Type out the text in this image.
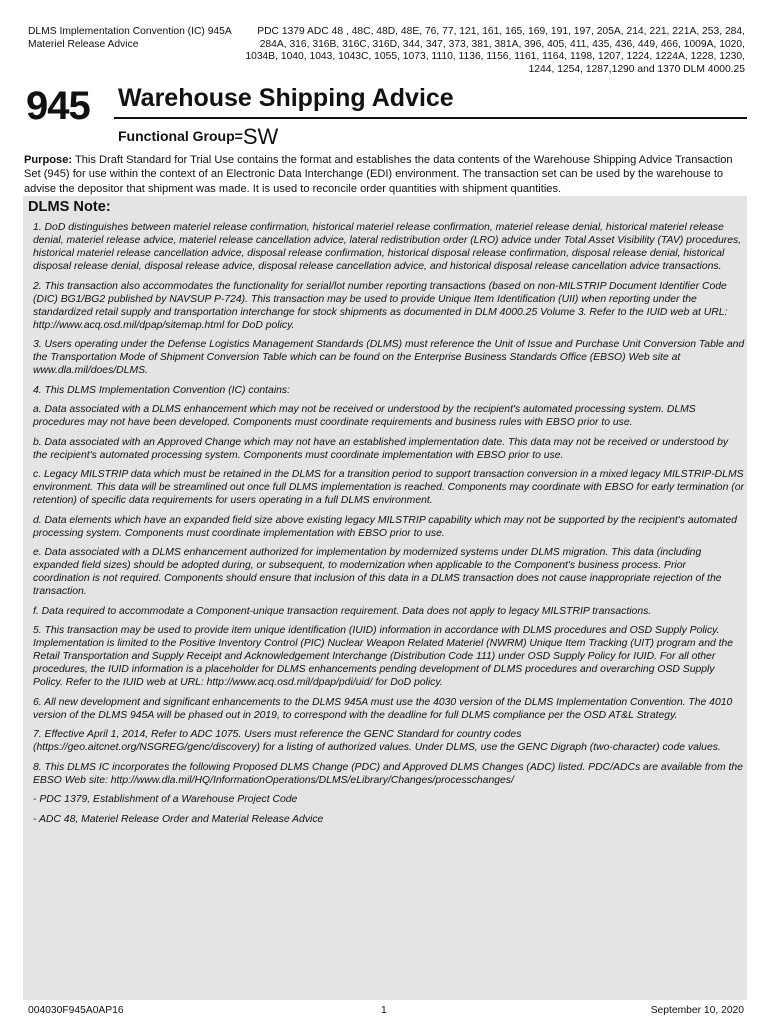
DLMS Implementation Convention (IC) 945A
Materiel Release Advice
PDC 1379 ADC 48 , 48C, 48D, 48E, 76, 77, 121, 161, 165, 169, 191, 197, 205A, 214, 221, 221A, 253, 284, 284A, 316, 316B, 316C, 316D, 344, 347, 373, 381, 381A, 396, 405, 411, 435, 436, 449, 466, 1009A, 1020, 1034B, 1040, 1043, 1043C, 1055, 1073, 1110, 1136, 1156, 1161, 1164, 1198, 1207, 1224, 1224A, 1228, 1230, 1244, 1254, 1287,1290 and 1370 DLM 4000.25
945 Warehouse Shipping Advice
Functional Group=SW
Purpose: This Draft Standard for Trial Use contains the format and establishes the data contents of the Warehouse Shipping Advice Transaction Set (945) for use within the context of an Electronic Data Interchange (EDI) environment. The transaction set can be used by the warehouse to advise the depositor that shipment was made. It is used to reconcile order quantities with shipment quantities.
DLMS Note:

1. DoD distinguishes between materiel release confirmation, historical materiel release confirmation, materiel release denial, historical materiel release denial, materiel release advice, materiel release cancellation advice, lateral redistribution order (LRO) advice under Total Asset Visibility (TAV) procedures, historical materiel release cancellation advice, disposal release confirmation, historical disposal release confirmation, disposal release denial, historical disposal release denial, disposal release advice, disposal release cancellation advice, and historical disposal release cancellation advice transactions.

2. This transaction also accommodates the functionality for serial/lot number reporting transactions (based on non-MILSTRIP Document Identifier Code (DIC) BG1/BG2 published by NAVSUP P-724). This transaction may be used to provide Unique Item Identification (UII) when reporting under the standardized retail supply and transportation interchange for stock shipments as documented in DLM 4000.25 Volume 3. Refer to the IUID web at URL: http://www.acq.osd.mil/dpap/sitemap.html for DoD policy.

3. Users operating under the Defense Logistics Management Standards (DLMS) must reference the Unit of Issue and Purchase Unit Conversion Table and the Transportation Mode of Shipment Conversion Table which can be found on the Enterprise Business Standards Office (EBSO) Web site at www.dla.mil/does/DLMS.

4. This DLMS Implementation Convention (IC) contains:

a. Data associated with a DLMS enhancement which may not be received or understood by the recipient's automated processing system. DLMS procedures may not have been developed. Components must coordinate requirements and business rules with EBSO prior to use.

b. Data associated with an Approved Change which may not have an established implementation date. This data may not be received or understood by the recipient's automated processing system. Components must coordinate implementation with EBSO prior to use.

c. Legacy MILSTRIP data which must be retained in the DLMS for a transition period to support transaction conversion in a mixed legacy MILSTRIP-DLMS environment. This data will be streamlined out once full DLMS implementation is reached. Components may coordinate with EBSO for early termination (or retention) of specific data requirements for users operating in a full DLMS environment.

d. Data elements which have an expanded field size above existing legacy MILSTRIP capability which may not be supported by the recipient's automated processing system. Components must coordinate implementation with EBSO prior to use.

e. Data associated with a DLMS enhancement authorized for implementation by modernized systems under DLMS migration. This data (including expanded field sizes) should be adopted during, or subsequent, to modernization when applicable to the Component's business process. Prior coordination is not required. Components should ensure that inclusion of this data in a DLMS transaction does not cause inappropriate rejection of the transaction.

f. Data required to accommodate a Component-unique transaction requirement. Data does not apply to legacy MILSTRIP transactions.

5. This transaction may be used to provide item unique identification (IUID) information in accordance with DLMS procedures and OSD Supply Policy. Implementation is limited to the Positive Inventory Control (PIC) Nuclear Weapon Related Materiel (NWRM) Unique Item Tracking (UIT) program and the Retail Transportation and Supply Receipt and Acknowledgement Interchange (Distribution Code 111) under OSD Supply Policy for IUID. For all other procedures, the IUID information is a placeholder for DLMS enhancements pending development of DLMS procedures and overarching OSD Supply Policy. Refer to the IUID web at URL: http://www.acq.osd.mil/dpap/pdi/uid/ for DoD policy.

6. All new development and significant enhancements to the DLMS 945A must use the 4030 version of the DLMS Implementation Convention. The 4010 version of the DLMS 945A will be phased out in 2019, to correspond with the deadline for full DLMS compliance per the OSD AT&L Strategy.

7. Effective April 1, 2014, Refer to ADC 1075. Users must reference the GENC Standard for country codes (https://geo.aitcnet.org/NSGREG/genc/discovery) for a listing of authorized values. Under DLMS, use the GENC Digraph (two-character) code values.

8. This DLMS IC incorporates the following Proposed DLMS Change (PDC) and Approved DLMS Changes (ADC) listed. PDC/ADCs are available from the EBSO Web site: http://www.dla.mil/HQ/InformationOperations/DLMS/eLibrary/Changes/processchanges/

- PDC 1379, Establishment of a Warehouse Project Code

- ADC 48, Materiel Release Order and Material Release Advice

004030F945A0AP16	1	September 10, 2020
